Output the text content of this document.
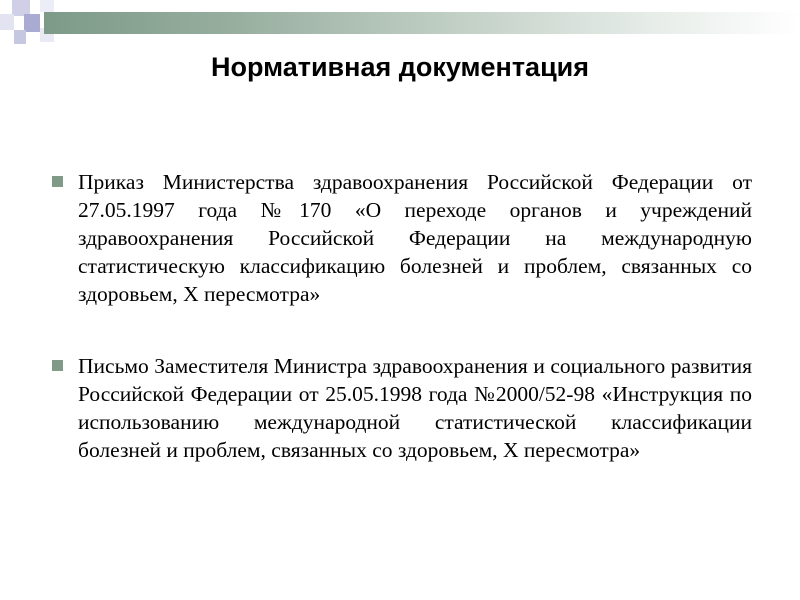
Нормативная документация
Приказ Министерства здравоохранения Российской Федерации от 27.05.1997 года №170 «О переходе органов и учреждений здравоохранения Российской Федерации на международную статистическую классификацию болезней и проблем, связанных со здоровьем, X пересмотра»
Письмо Заместителя Министра здравоохранения и социального развития Российской Федерации от 25.05.1998 года №2000/52-98 «Инструкция по использованию международной статистической классификации болезней и проблем, связанных со здоровьем, X пересмотра»
